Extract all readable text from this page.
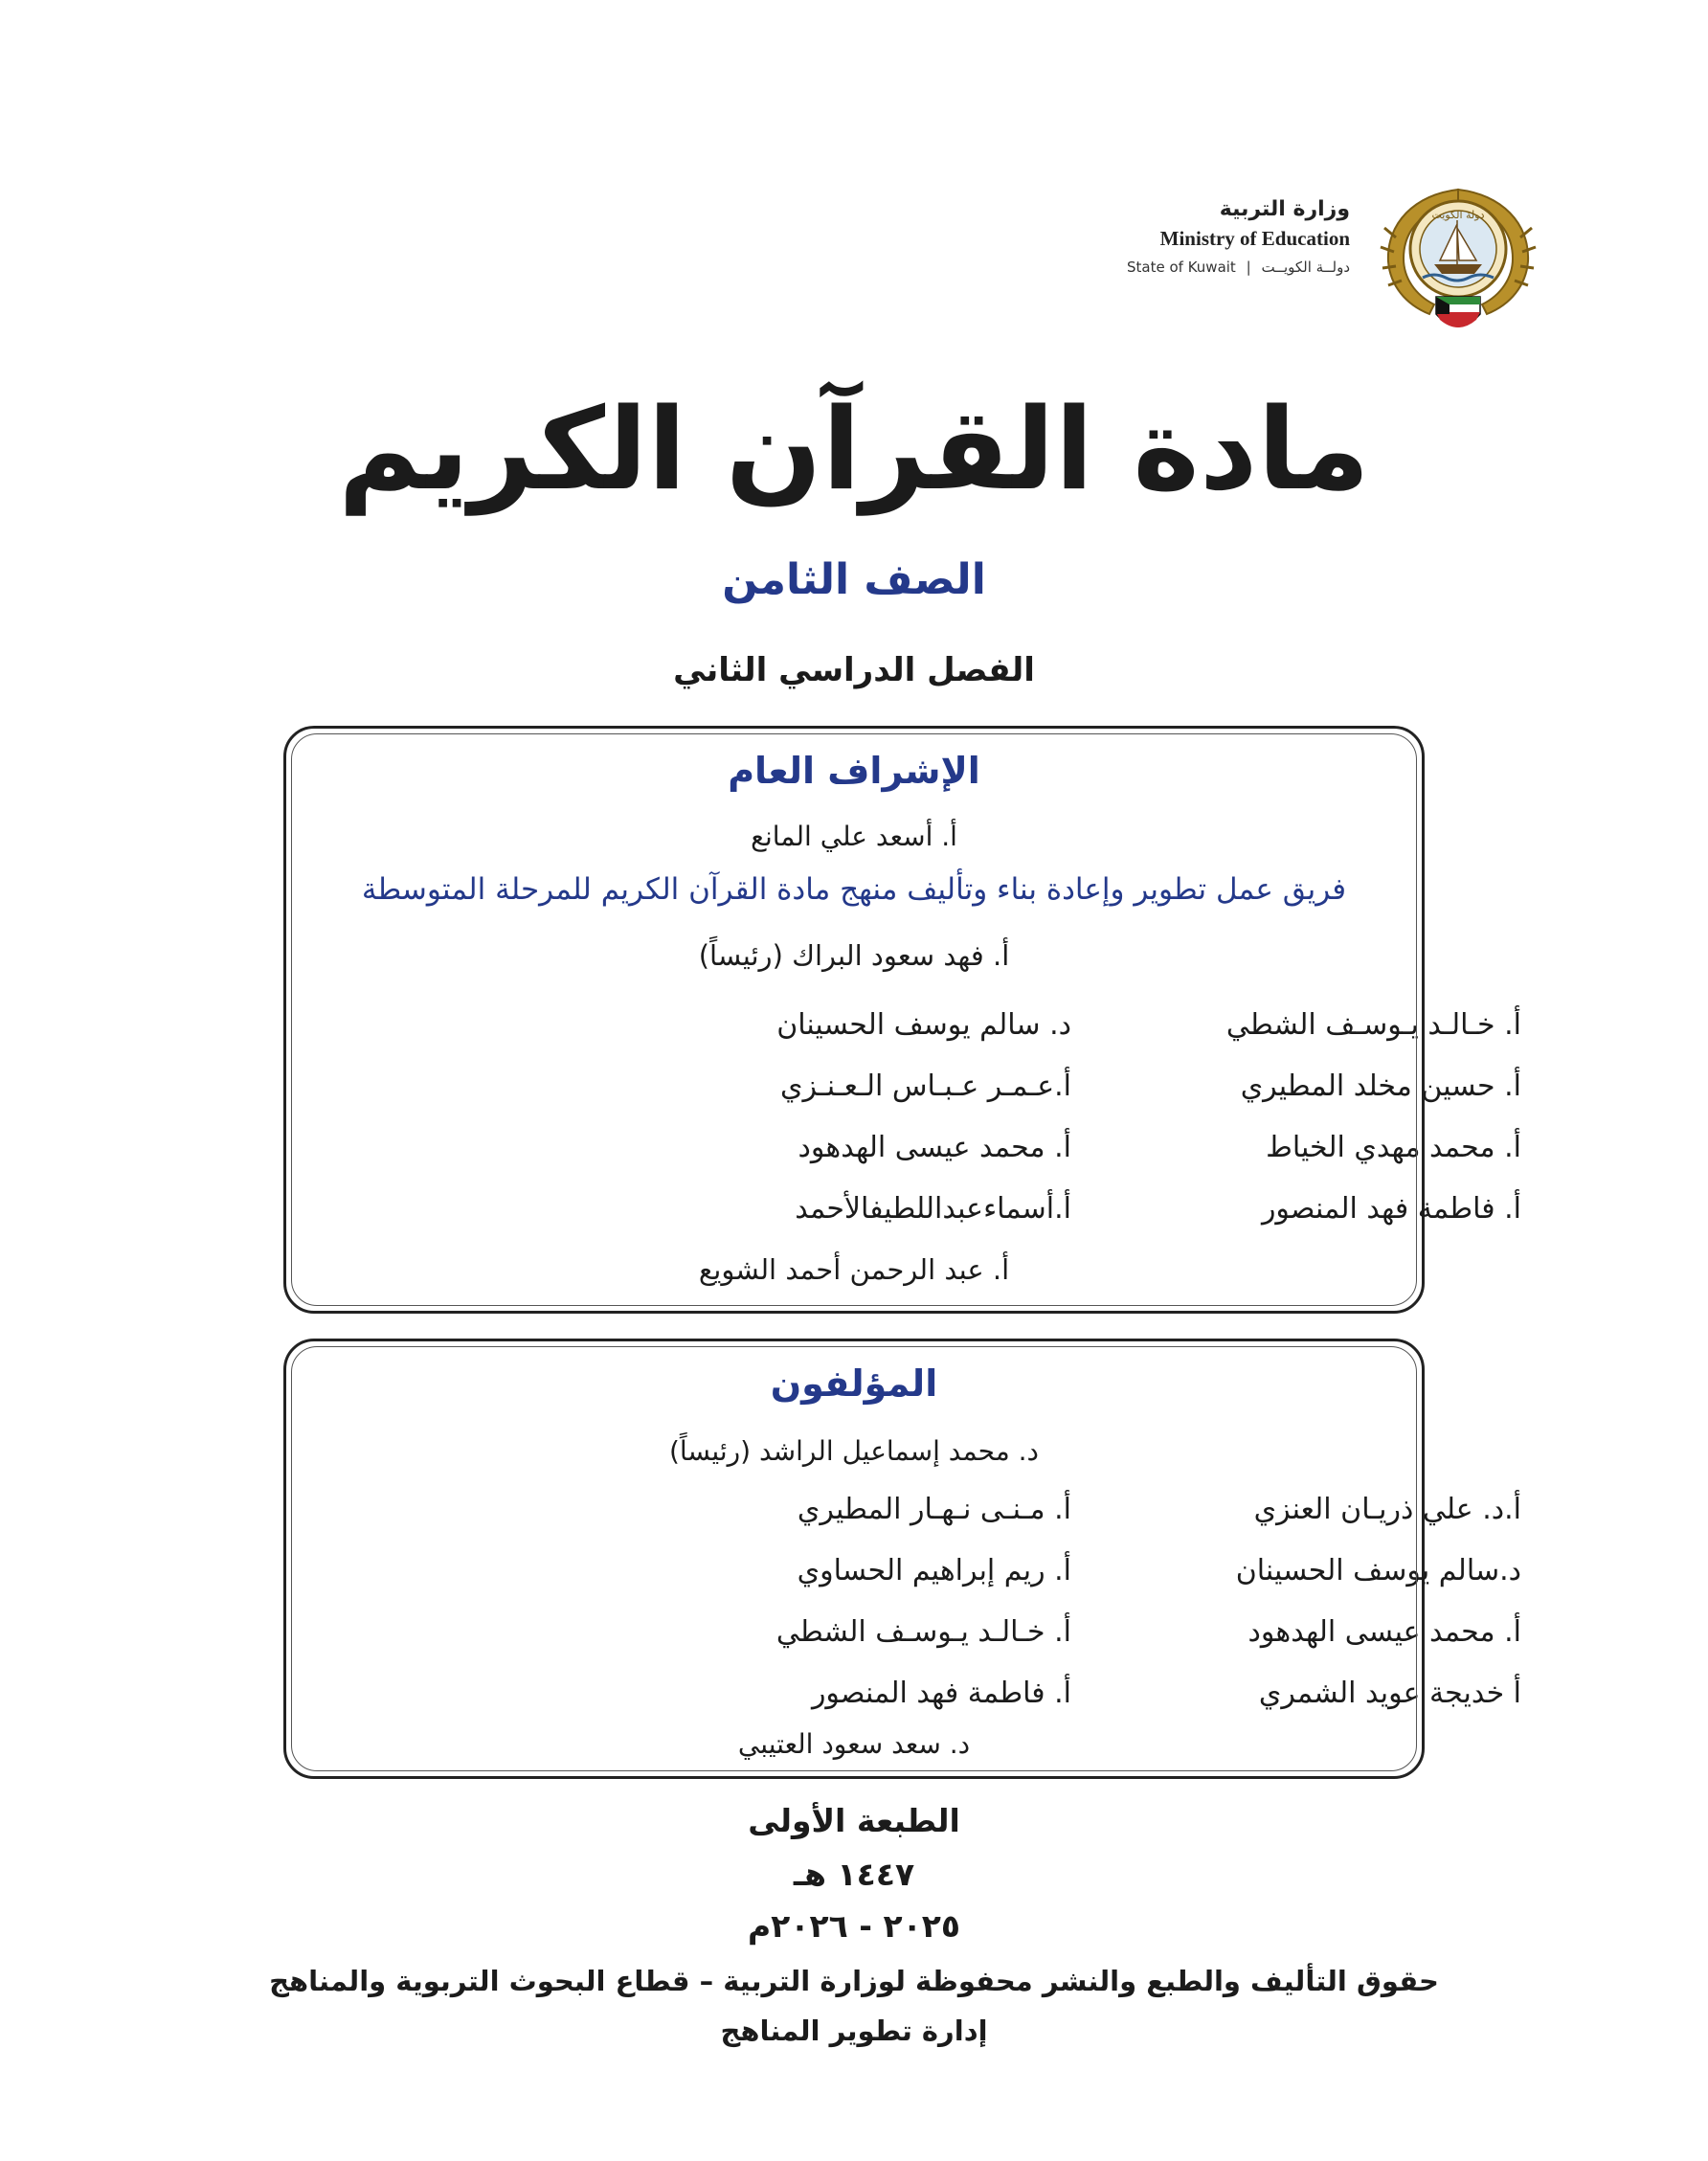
دولة الكويت
وزارة التربية
Ministry of Education
State of Kuwait | دولــة الكويــت
مادة القرآن الكريم
الصف الثامن
الفصل الدراسي الثاني
الإشراف العام
أ. أسعد علي المانع
فريق عمل تطوير وإعادة بناء وتأليف منهج مادة القرآن الكريم للمرحلة المتوسطة
أ. فهد سعود البراك (رئيساً)
أ. خـالـد يـوسـف الشطي
أ. حسين مخلد المطيري
أ. محمد مهدي الخياط
أ. فاطمة فهد المنصور
د. سالم يوسف الحسينان
أ.عـمـر عـبـاس الـعـنـزي
أ. محمد عيسى الهدهود
أ.أسماءعبداللطيفالأحمد
أ. عبد الرحمن أحمد الشويع
المؤلفون
د. محمد إسماعيل الراشد (رئيساً)
أ.د. علي ذريـان العنزي
د.سالم يوسف الحسينان
أ. محمد عيسى الهدهود
أ خديجة عويد الشمري
أ. مـنـى نـهـار المطيري
أ. ريم إبراهيم الحساوي
أ. خـالـد يـوسـف الشطي
أ. فاطمة فهد المنصور
د. سعد سعود العتيبي
الطبعة الأولى
١٤٤٧ هـ
٢٠٢٥ - ٢٠٢٦م
حقوق التأليف والطبع والنشر محفوظة لوزارة التربية – قطاع البحوث التربوية والمناهج
إدارة تطوير المناهج
